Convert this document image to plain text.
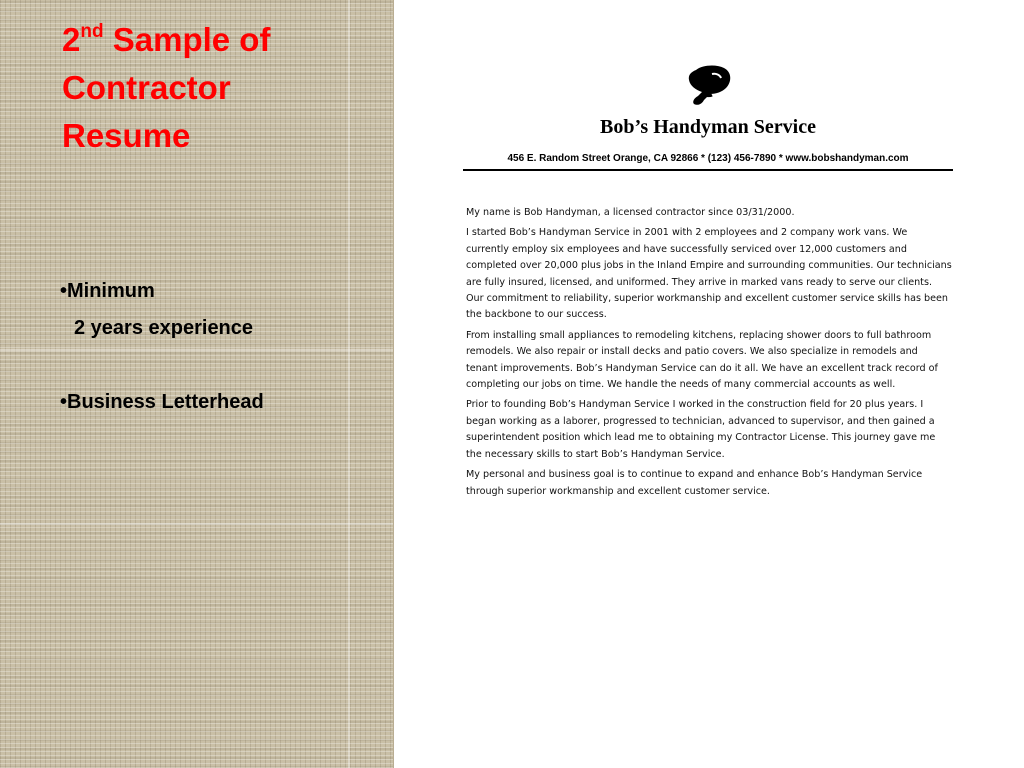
2nd Sample of
Contractor
Resume
•Minimum
2 years experience
•Business Letterhead
Bob’s Handyman Service
456 E. Random Street Orange, CA 92866 * (123) 456-7890 * www.bobshandyman.com

My name is Bob Handyman, a licensed contractor since 03/31/2000.

I started Bob’s Handyman Service in 2001 with 2 employees and 2 company work vans. We currently employ six employees and have successfully serviced over 12,000 customers and completed over 20,000 plus jobs in the Inland Empire and surrounding communities. Our technicians are fully insured, licensed, and uniformed. They arrive in marked vans ready to serve our clients. Our commitment to reliability, superior workmanship and excellent customer service skills has been the backbone to our success.

From installing small appliances to remodeling kitchens, replacing shower doors to full bathroom remodels. We also repair or install decks and patio covers. We also specialize in remodels and tenant improvements. Bob’s Handyman Service can do it all. We have an excellent track record of completing our jobs on time. We handle the needs of many commercial accounts as well.

Prior to founding Bob’s Handyman Service I worked in the construction field for 20 plus years. I began working as a laborer, progressed to technician, advanced to supervisor, and then gained a superintendent position which lead me to obtaining my Contractor License. This journey gave me the necessary skills to start Bob’s Handyman Service.

My personal and business goal is to continue to expand and enhance Bob’s Handyman Service through superior workmanship and excellent customer service.
